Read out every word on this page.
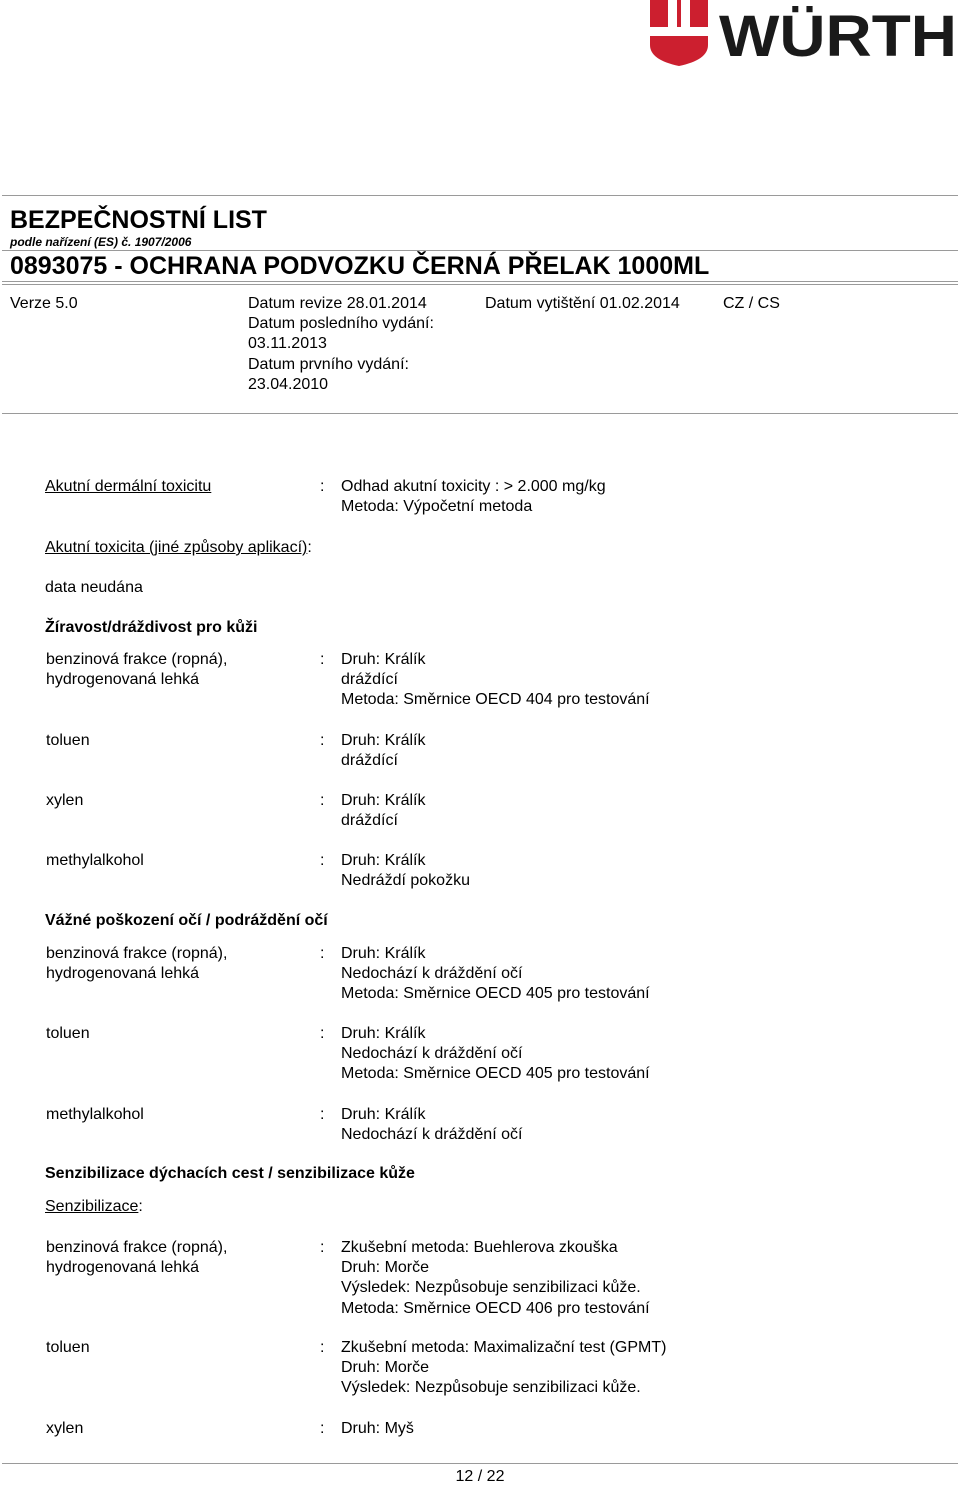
WÜRTH
BEZPEČNOSTNÍ LIST
podle nařízení (ES) č. 1907/2006
0893075 - OCHRANA PODVOZKU ČERNÁ PŘELAK 1000ML
Verze 5.0	Datum revize 28.01.2014
Datum posledního vydání:
03.11.2013
Datum prvního vydání:
23.04.2010
Datum vytištění 01.02.2014	CZ / CS
Akutní dermální toxicitu	: Odhad akutní toxicity : > 2.000 mg/kg
Metoda: Výpočetní metoda
Akutní toxicita (jiné způsoby aplikací):
data neudána
Žíravost/dráždivost pro kůži
benzinová frakce (ropná),
hydrogenovaná lehká
: Druh: Králík
dráždící
Metoda: Směrnice OECD 404 pro testování
toluen	: Druh: Králík
dráždící
xylen	: Druh: Králík
dráždící
methylalkohol	: Druh: Králík
Nedráždí pokožku
Vážné poškození očí / podráždění očí
benzinová frakce (ropná),
hydrogenovaná lehká
: Druh: Králík
Nedochází k dráždění očí
Metoda: Směrnice OECD 405 pro testování
toluen	: Druh: Králík
Nedochází k dráždění očí
Metoda: Směrnice OECD 405 pro testování
methylalkohol	: Druh: Králík
Nedochází k dráždění očí
Senzibilizace dýchacích cest / senzibilizace kůže
Senzibilizace:
benzinová frakce (ropná),
hydrogenovaná lehká
: Zkušební metoda: Buehlerova zkouška
Druh: Morče
Výsledek: Nezpůsobuje senzibilizaci kůže.
Metoda: Směrnice OECD 406 pro testování
toluen	: Zkušební metoda: Maximalizační test (GPMT)
Druh: Morče
Výsledek: Nezpůsobuje senzibilizaci kůže.
xylen	: Druh: Myš
12 / 22
